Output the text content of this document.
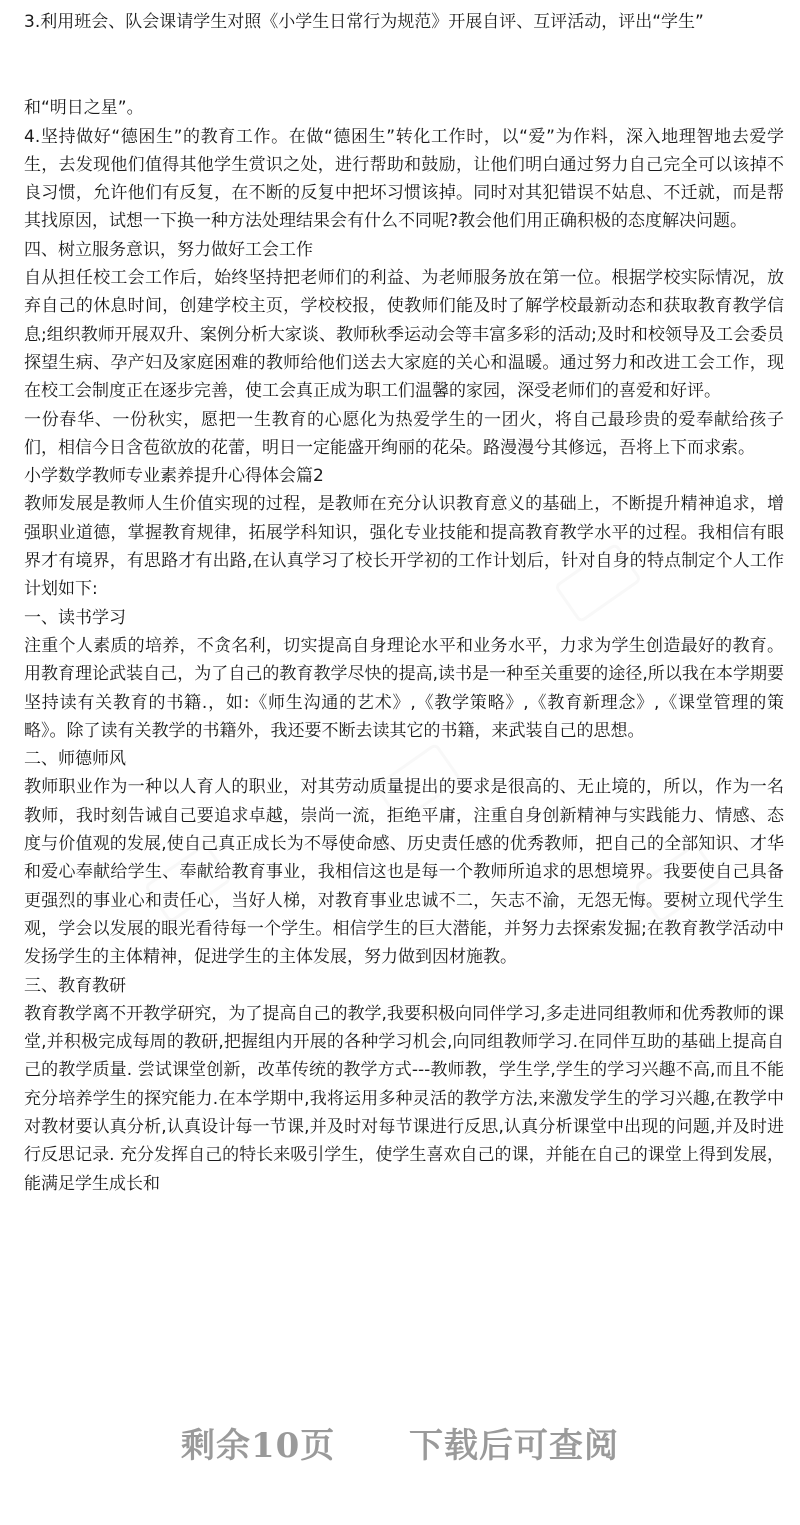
3.利用班会、队会课请学生对照《小学生日常行为规范》开展自评、互评活动，评出“学生”

和“明日之星”。

4.坚持做好“德困生”的教育工作。在做“德困生”转化工作时，以“爱”为作料，深入地理智地去爱学生，去发现他们值得其他学生赏识之处，进行帮助和鼓励，让他们明白通过努力自己完全可以该掉不良习惯，允许他们有反复，在不断的反复中把坏习惯该掉。同时对其犯错误不姑息、不迁就，而是帮其找原因，试想一下换一种方法处理结果会有什么不同呢?教会他们用正确积极的态度解决问题。

四、树立服务意识，努力做好工会工作

自从担任校工会工作后，始终坚持把老师们的利益、为老师服务放在第一位。根据学校实际情况，放弃自己的休息时间，创建学校主页，学校校报，使教师们能及时了解学校最新动态和获取教育教学信息;组织教师开展双升、案例分析大家谈、教师秋季运动会等丰富多彩的活动;及时和校领导及工会委员探望生病、孕产妇及家庭困难的教师给他们送去大家庭的关心和温暖。通过努力和改进工会工作，现在校工会制度正在逐步完善，使工会真正成为职工们温馨的家园，深受老师们的喜爱和好评。

一份春华、一份秋实，愿把一生教育的心愿化为热爱学生的一团火，将自己最珍贵的爱奉献给孩子们，相信今日含苞欲放的花蕾，明日一定能盛开绚丽的花朵。路漫漫兮其修远，吾将上下而求索。

小学数学教师专业素养提升心得体会篇2

教师发展是教师人生价值实现的过程，是教师在充分认识教育意义的基础上，不断提升精神追求，增强职业道德，掌握教育规律，拓展学科知识，强化专业技能和提高教育教学水平的过程。我相信有眼界才有境界，有思路才有出路,在认真学习了校长开学初的工作计划后，针对自身的特点制定个人工作计划如下:

一、读书学习

注重个人素质的培养，不贪名利，切实提高自身理论水平和业务水平，力求为学生创造最好的教育。用教育理论武装自己，为了自己的教育教学尽快的提高,读书是一种至关重要的途径,所以我在本学期要坚持读有关教育的书籍.，如:《师生沟通的艺术》,《教学策略》,《教育新理念》,《课堂管理的策略》。除了读有关教学的书籍外，我还要不断去读其它的书籍，来武装自己的思想。

二、师德师风

教师职业作为一种以人育人的职业，对其劳动质量提出的要求是很高的、无止境的，所以，作为一名教师，我时刻告诫自己要追求卓越，崇尚一流，拒绝平庸，注重自身创新精神与实践能力、情感、态度与价值观的发展,使自己真正成长为不辱使命感、历史责任感的优秀教师，把自己的全部知识、才华和爱心奉献给学生、奉献给教育事业，我相信这也是每一个教师所追求的思想境界。我要使自己具备更强烈的事业心和责任心，当好人梯，对教育事业忠诚不二，矢志不渝，无怨无悔。要树立现代学生观，学会以发展的眼光看待每一个学生。相信学生的巨大潜能，并努力去探索发掘;在教育教学活动中发扬学生的主体精神，促进学生的主体发展，努力做到因材施教。

三、教育教研

教育教学离不开教学研究，为了提高自己的教学,我要积极向同伴学习,多走进同组教师和优秀教师的课堂,并积极完成每周的教研,把握组内开展的各种学习机会,向同组教师学习.在同伴互助的基础上提高自己的教学质量. 尝试课堂创新，改革传统的教学方式---教师教，学生学,学生的学习兴趣不高,而且不能充分培养学生的探究能力.在本学期中,我将运用多种灵活的教学方法,来激发学生的学习兴趣,在教学中对教材要认真分析,认真设计每一节课,并及时对每节课进行反思,认真分析课堂中出现的问题,并及时进行反思记录. 充分发挥自己的特长来吸引学生，使学生喜欢自己的课，并能在自己的课堂上得到发展，能满足学生成长和

剩余10页 下载后可查阅
